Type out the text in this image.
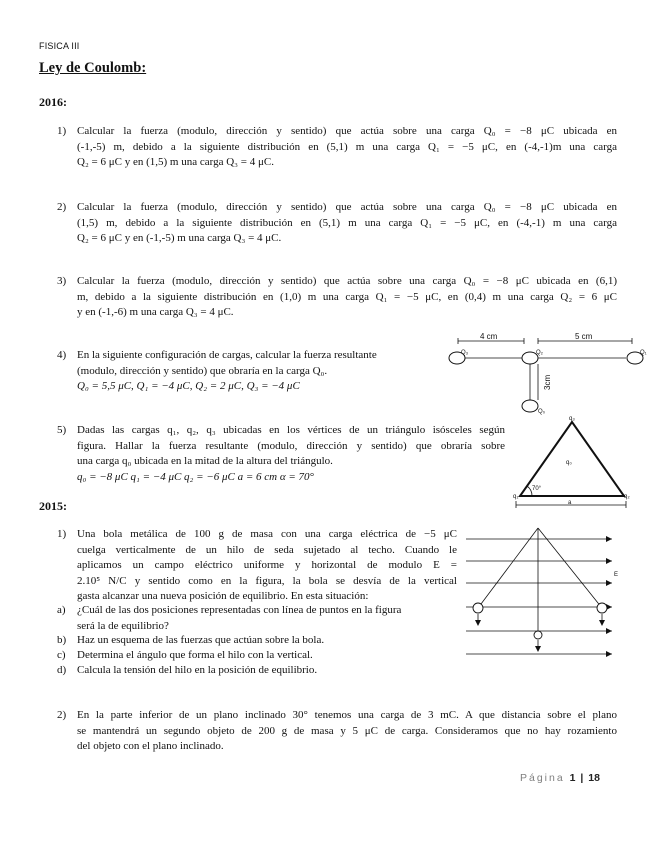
FISICA III
Ley de Coulomb:
2016:
1) Calcular la fuerza (modulo, dirección y sentido) que actúa sobre una carga Q₀ = −8 μC ubicada en
(-1,-5) m, debido a la siguiente distribución en (5,1) m una carga Q₁ = −5 μC, en (-4,-1)m una carga
Q₂ = 6 μC y en (1,5) m una carga Q₃ = 4 μC.
2) Calcular la fuerza (modulo, dirección y sentido) que actúa sobre una carga Q₀ = −8 μC ubicada en
(1,5) m, debido a la siguiente distribución en (5,1) m una carga Q₁ = −5 μC, en (-4,-1) m una carga
Q₂ = 6 μC y en (-1,-5) m una carga Q₃ = 4 μC.
3) Calcular la fuerza (modulo, dirección y sentido) que actúa sobre una carga Q₀ = −8 μC ubicada en (6,1)
m, debido a la siguiente distribución en (1,0) m una carga Q₁ = −5 μC, en (0,4) m una carga Q₂ = 6 μC
y en (-1,-6) m una carga Q₃ = 4 μC.
4) En la siguiente configuración de cargas, calcular la fuerza resultante
(modulo, dirección y sentido) que obraría en la carga Q₀.
Q₀ = 5,5 μC, Q₁ = −4 μC, Q₂ = 2 μC, Q₃ = −4 μC
4 cm	5 cm
3cm
Q₃	Q₂	Q₁
Q₀
5) Dadas las cargas q₁, q₂, q₃ ubicadas en los vértices de un triángulo isósceles según
figura. Hallar la fuerza resultante (modulo, dirección y sentido) que obraría sobre
una carga q₀ ubicada en la mitad de la altura del triángulo.
q₀ = −8 μC q₁ = −4 μC q₂ = −6 μC a = 6 cm α = 70°
q₃
q₁	q₂
q₀
70°
a
2015:
1) Una bola metálica de 100 g de masa con una carga eléctrica de −5 μC
cuelga verticalmente de un hilo de seda sujetado al techo. Cuando le
aplicamos un campo eléctrico uniforme y horizontal de modulo E =
2.10⁵ N/C y sentido como en la figura, la bola se desvía de la vertical
gasta alcanzar una nueva posición de equilibrio. En esta situación:
a) ¿Cuál de las dos posiciones representadas con línea de puntos en la figura
será la de equilibrio?
b) Haz un esquema de las fuerzas que actúan sobre la bola.
c) Determina el ángulo que forma el hilo con la vertical.
d) Calcula la tensión del hilo en la posición de equilibrio.
E
2) En la parte inferior de un plano inclinado 30° tenemos una carga de 3 mC. A que distancia sobre el plano
se mantendrá un segundo objeto de 200 g de masa y 5 μC de carga. Consideramos que no hay rozamiento
del objeto con el plano inclinado.
Página 1 | 18
